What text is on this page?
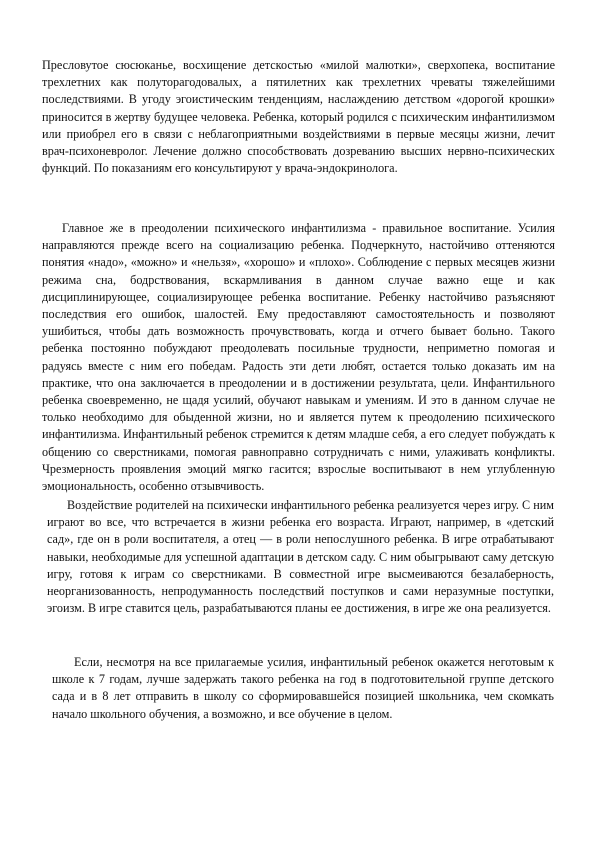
Пресловутое сюсюканье, восхищение детскостью «милой малютки», сверхопека, воспитание трехлетних как полуторагодовалых, а пятилетних как трехлетних чреваты тяжелейшими последствиями. В угоду эгоистическим тенденциям, наслаждению детством «дорогой крошки» приносится в жертву будущее человека. Ребенка, который родился с психическим инфантилизмом или приобрел его в связи с неблагоприятными воздействиями в первые месяцы жизни, лечит врач-психоневролог. Лечение должно способствовать дозреванию высших нервно-психических функций. По показаниям его консультируют у врача-эндокринолога.

Главное же в преодолении психического инфантилизма - правильное воспитание. Усилия направляются прежде всего на социализацию ребенка. Подчеркнуто, настойчиво оттеняются понятия «надо», «можно» и «нельзя», «хорошо» и «плохо». Соблюдение с первых месяцев жизни режима сна, бодрствования, вскармливания в данном случае важно еще и как дисциплинирующее, социализирующее ребенка воспитание. Ребенку настойчиво разъясняют последствия его ошибок, шалостей. Ему предоставляют самостоятельность и позволяют ушибиться, чтобы дать возможность прочувствовать, когда и отчего бывает больно. Такого ребенка постоянно побуждают преодолевать посильные трудности, неприметно помогая и радуясь вместе с ним его победам. Радость эти дети любят, остается только доказать им на практике, что она заключается в преодолении и в достижении результата, цели. Инфантильного ребенка своевременно, не щадя усилий, обучают навыкам и умениям. И это в данном случае не только необходимо для обыденной жизни, но и является путем к преодолению психического инфантилизма. Инфантильный ребенок стремится к детям младше себя, а его следует побуждать к общению со сверстниками, помогая равноправно сотрудничать с ними, улаживать конфликты. Чрезмерность проявления эмоций мягко гасится; взрослые воспитывают в нем углубленную эмоциональность, особенно отзывчивость.

Воздействие родителей на психически инфантильного ребенка реализуется через игру. С ним играют во все, что встречается в жизни ребенка его возраста. Играют, например, в «детский сад», где он в роли воспитателя, а отец — в роли непослушного ребенка. В игре отрабатывают навыки, необходимые для успешной адаптации в детском саду. С ним обыгрывают саму детскую игру, готовя к играм со сверстниками. В совместной игре высмеиваются безалаберность, неорганизованность, непродуманность последствий поступков и сами неразумные поступки, эгоизм. В игре ставится цель, разрабатываются планы ее достижения, в игре же она реализуется.

Если, несмотря на все прилагаемые усилия, инфантильный ребенок окажется неготовым к школе к 7 годам, лучше задержать такого ребенка на год в подготовительной группе детского сада и в 8 лет отправить в школу со сформировавшейся позицией школьника, чем скомкать начало школьного обучения, а возможно, и все обучение в целом.
